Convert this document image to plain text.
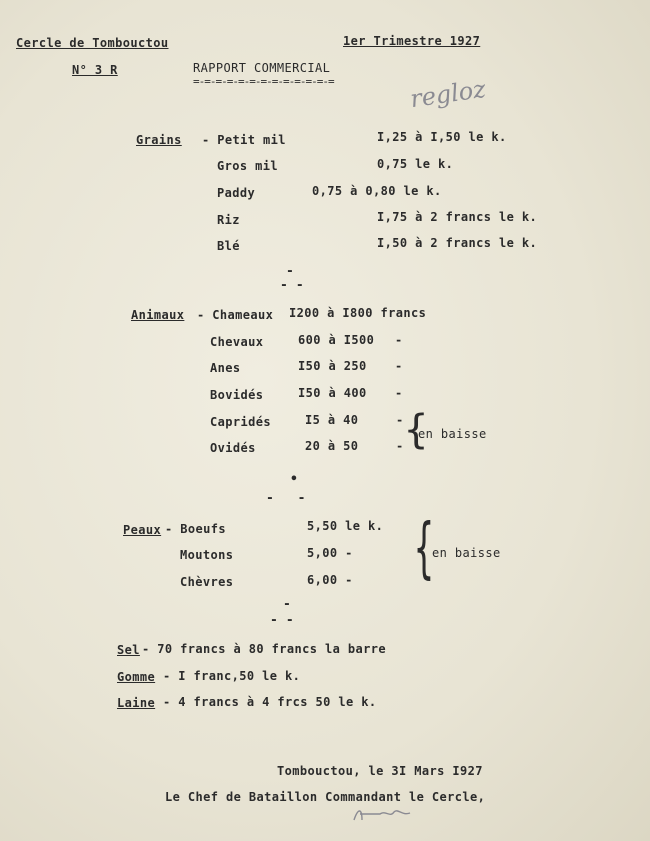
Cercle de Tombouctou	1er Trimestre 1927
N° 3 R	RAPPORT COMMERCIAL
=-=-=-=-=-=-=-=-=-=-=-=-=	regloz
Grains - Petit mil	I,25 à I,50 le k.
Gros mil	0,75 le k.
Paddy	0,75 à 0,80 le k.
Riz	I,75 à 2 francs le k.
Blé	I,50 à 2 francs le k.
-
--
Animaux - Chameaux I200 à I800 francs
Chevaux	600 à I500 -
Anes	I50 à 250 -
Bovidés	I50 à 400 -
Capridés	I5 à 40	-
Ovidés	20 à 50	- {
en baisse
•
- -
Peaux - Boeufs	5,50 le k.
Moutons	5,00 -
Chèvres	6,00 - {
en baisse
-
--
Sel - 70 francs à 80 francs la barre
Gomme - I franc,50 le k.
Laine - 4 francs à 4 frcs 50 le k.
Tombouctou, le 3I Mars I927
Le Chef de Bataillon Commandant le Cercle,
